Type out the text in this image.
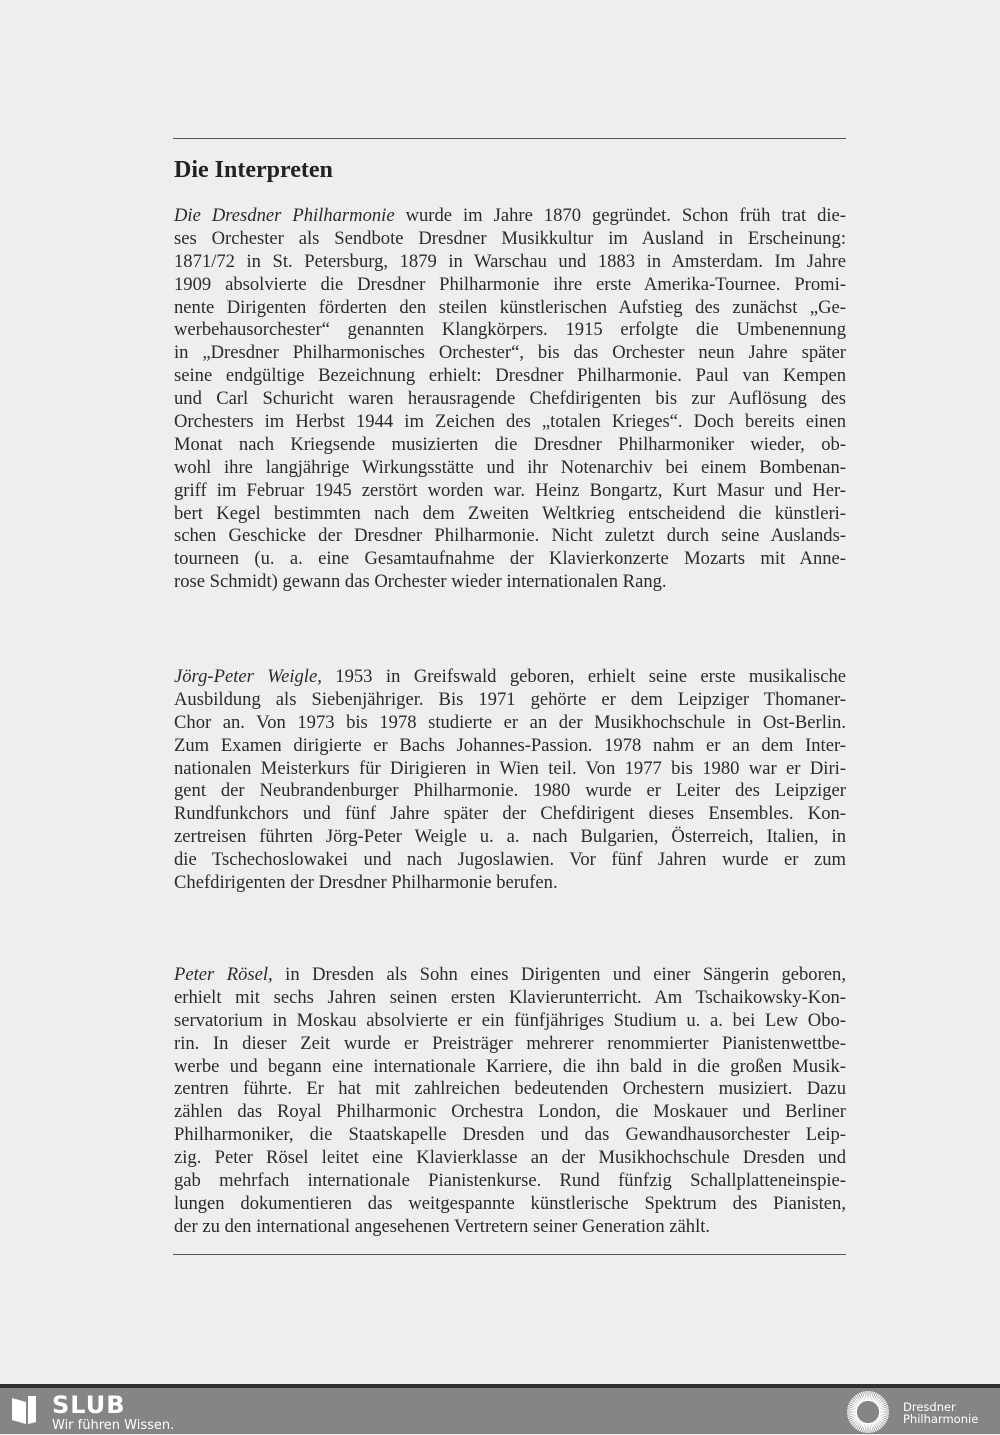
Die Interpreten
Die Dresdner Philharmonie wurde im Jahre 1870 gegründet. Schon früh trat die-
ses Orchester als Sendbote Dresdner Musikkultur im Ausland in Erscheinung:
1871/72 in St. Petersburg, 1879 in Warschau und 1883 in Amsterdam. Im Jahre
1909 absolvierte die Dresdner Philharmonie ihre erste Amerika-Tournee. Promi-
nente Dirigenten förderten den steilen künstlerischen Aufstieg des zunächst „Ge-
werbehausorchester“ genannten Klangkörpers. 1915 erfolgte die Umbenennung
in „Dresdner Philharmonisches Orchester“, bis das Orchester neun Jahre später
seine endgültige Bezeichnung erhielt: Dresdner Philharmonie. Paul van Kempen
und Carl Schuricht waren herausragende Chefdirigenten bis zur Auflösung des
Orchesters im Herbst 1944 im Zeichen des „totalen Krieges“. Doch bereits einen
Monat nach Kriegsende musizierten die Dresdner Philharmoniker wieder, ob-
wohl ihre langjährige Wirkungsstätte und ihr Notenarchiv bei einem Bombenan-
griff im Februar 1945 zerstört worden war. Heinz Bongartz, Kurt Masur und Her-
bert Kegel bestimmten nach dem Zweiten Weltkrieg entscheidend die künstleri-
schen Geschicke der Dresdner Philharmonie. Nicht zuletzt durch seine Auslands-
tourneen (u. a. eine Gesamtaufnahme der Klavierkonzerte Mozarts mit Anne-
rose Schmidt) gewann das Orchester wieder internationalen Rang.
Jörg-Peter Weigle, 1953 in Greifswald geboren, erhielt seine erste musikalische
Ausbildung als Siebenjähriger. Bis 1971 gehörte er dem Leipziger Thomaner-
Chor an. Von 1973 bis 1978 studierte er an der Musikhochschule in Ost-Berlin.
Zum Examen dirigierte er Bachs Johannes-Passion. 1978 nahm er an dem Inter-
nationalen Meisterkurs für Dirigieren in Wien teil. Von 1977 bis 1980 war er Diri-
gent der Neubrandenburger Philharmonie. 1980 wurde er Leiter des Leipziger
Rundfunkchors und fünf Jahre später der Chefdirigent dieses Ensembles. Kon-
zertreisen führten Jörg-Peter Weigle u. a. nach Bulgarien, Österreich, Italien, in
die Tschechoslowakei und nach Jugoslawien. Vor fünf Jahren wurde er zum
Chefdirigenten der Dresdner Philharmonie berufen.
Peter Rösel, in Dresden als Sohn eines Dirigenten und einer Sängerin geboren,
erhielt mit sechs Jahren seinen ersten Klavierunterricht. Am Tschaikowsky-Kon-
servatorium in Moskau absolvierte er ein fünfjähriges Studium u. a. bei Lew Obo-
rin. In dieser Zeit wurde er Preisträger mehrerer renommierter Pianistenwettbe-
werbe und begann eine internationale Karriere, die ihn bald in die großen Musik-
zentren führte. Er hat mit zahlreichen bedeutenden Orchestern musiziert. Dazu
zählen das Royal Philharmonic Orchestra London, die Moskauer und Berliner
Philharmoniker, die Staatskapelle Dresden und das Gewandhausorchester Leip-
zig. Peter Rösel leitet eine Klavierklasse an der Musikhochschule Dresden und
gab mehrfach internationale Pianistenkurse. Rund fünfzig Schallplatteneinspie-
lungen dokumentieren das weitgespannte künstlerische Spektrum des Pianisten,
der zu den international angesehenen Vertretern seiner Generation zählt.
SLUB
Wir führen Wissen.
Dresdner
Philharmonie
